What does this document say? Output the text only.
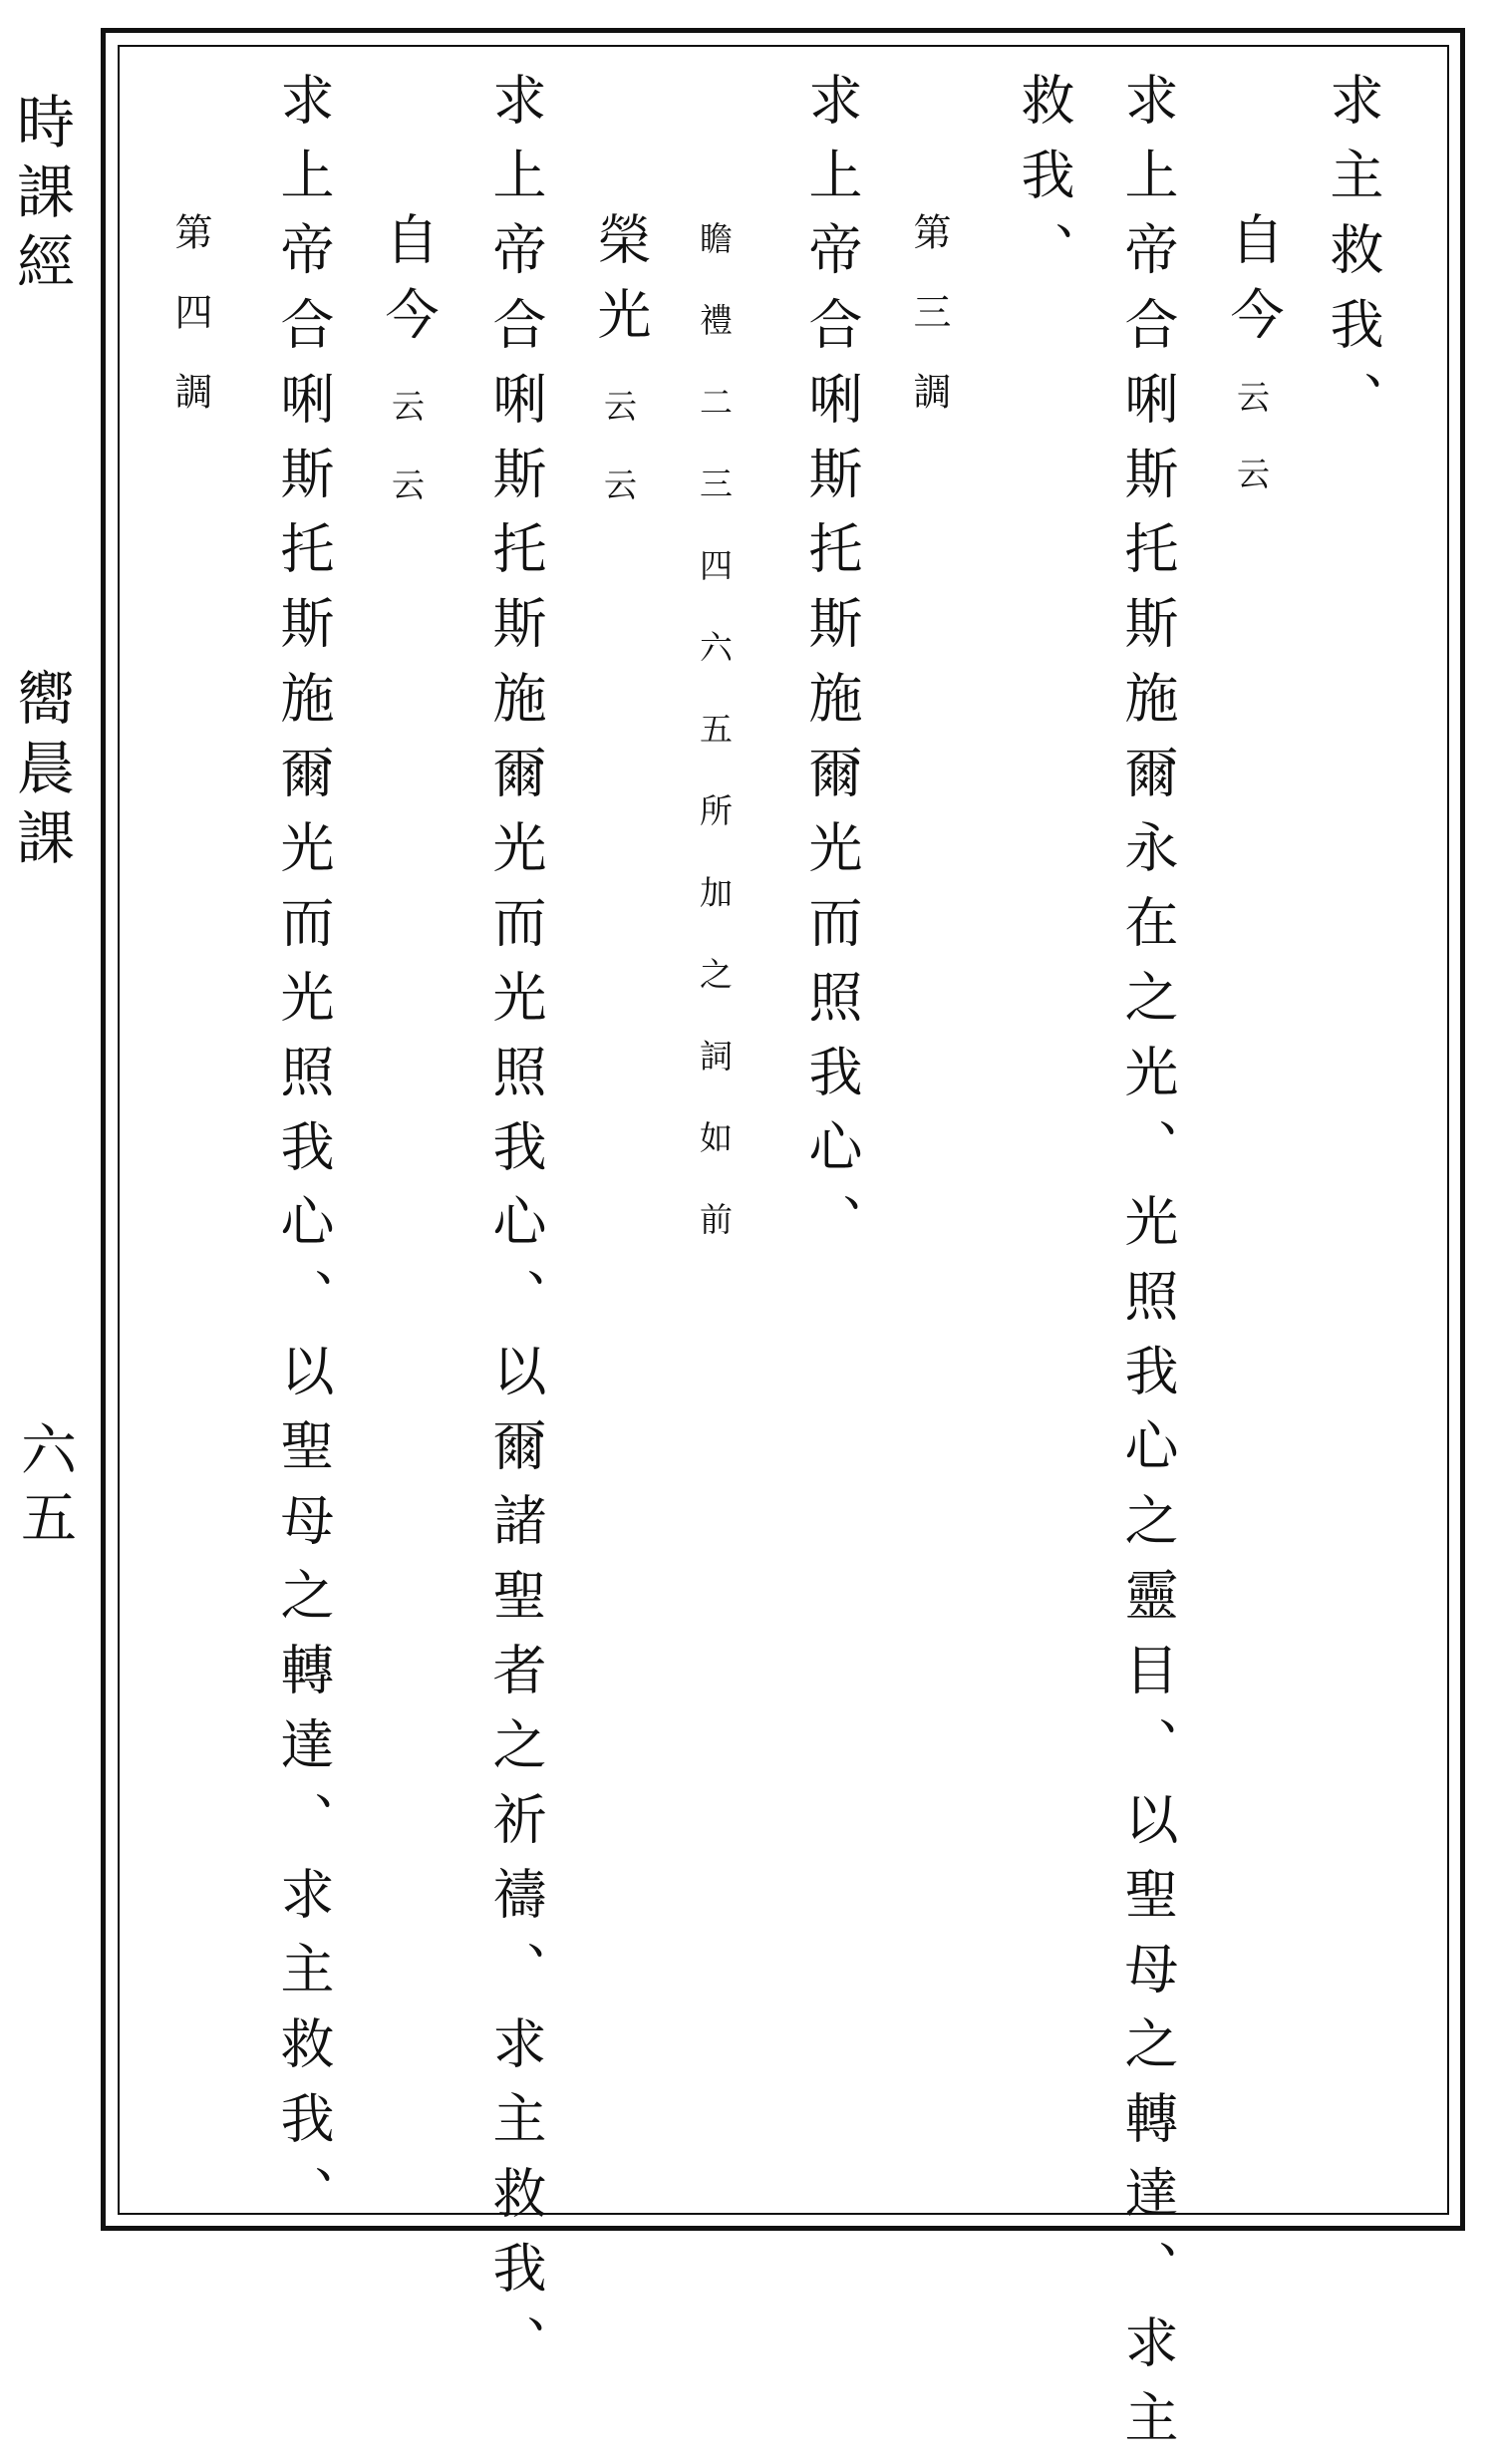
時課經

嚮晨課

六五

求主救我、

自今

云云

求上帝合唎斯托斯施爾永在之光、光照我心之靈目、以聖母之轉達、求主

救我、

第三調

求上帝合唎斯托斯施爾光而照我心、

瞻禮二三四六五所加之詞如前

榮光

云云

求上帝合唎斯托斯施爾光而光照我心、以爾諸聖者之祈禱、求主救我、

自今

云云

求上帝合唎斯托斯施爾光而光照我心、以聖母之轉達、求主救我、

第四調
